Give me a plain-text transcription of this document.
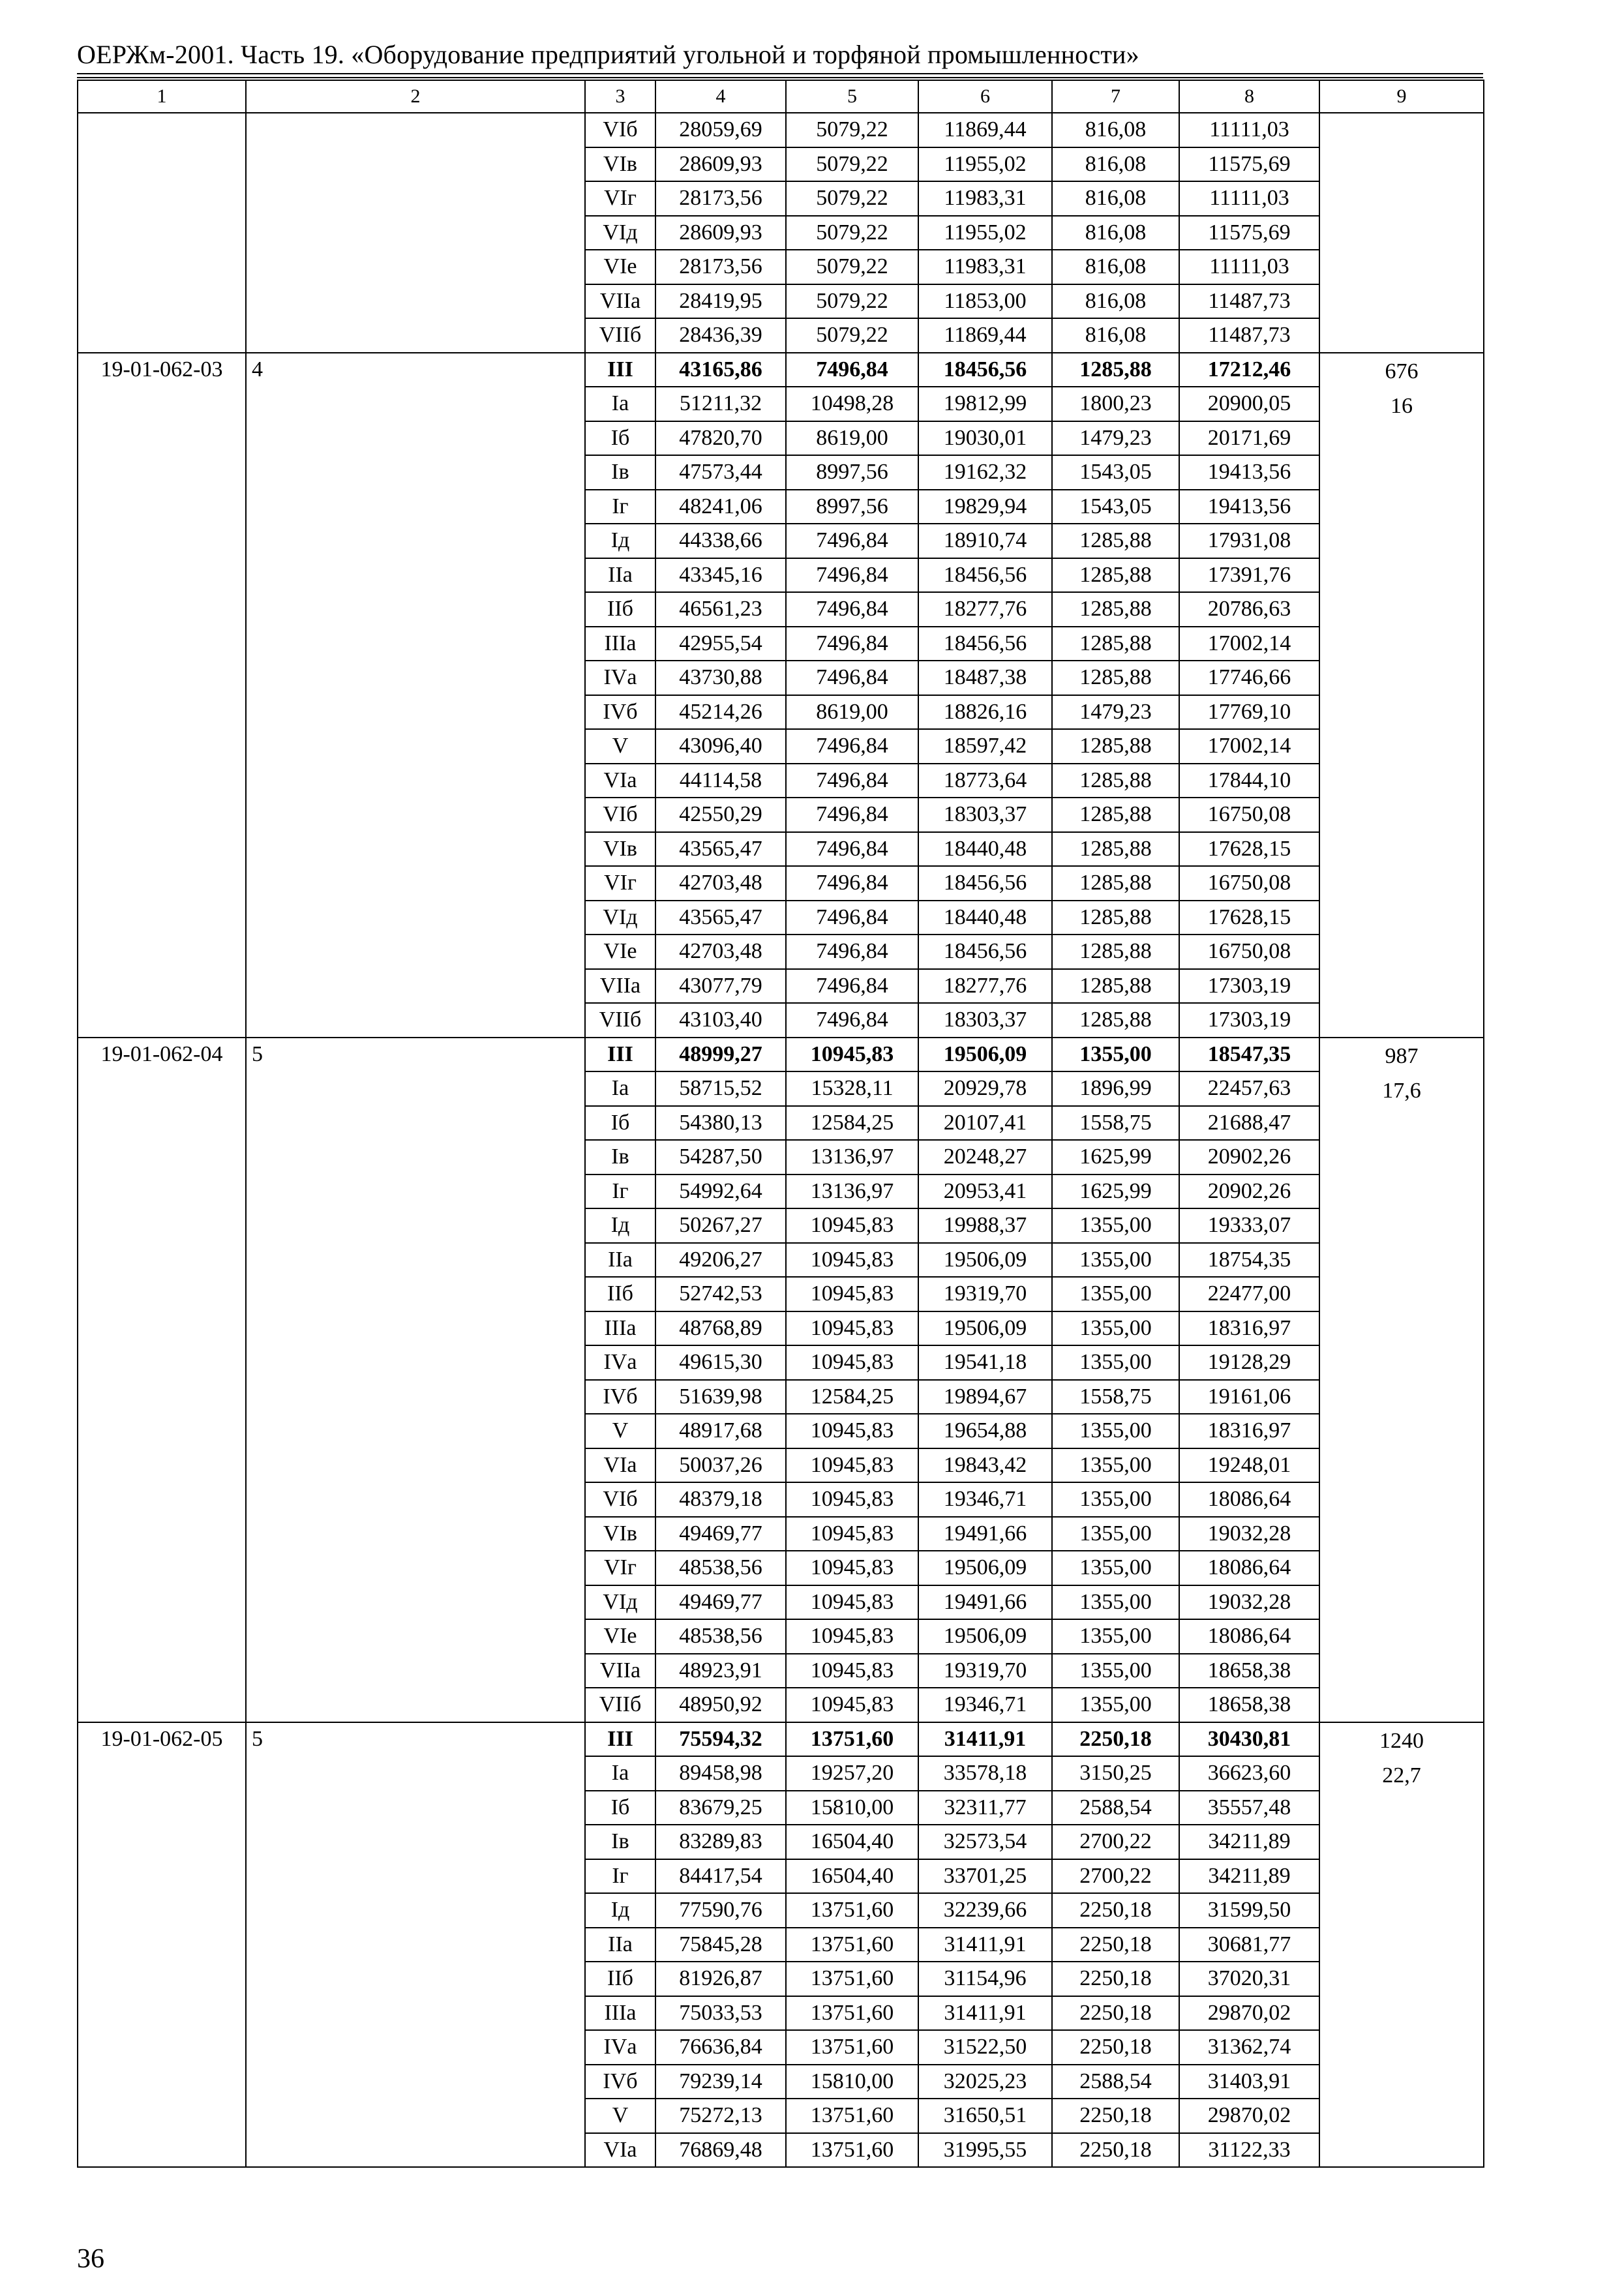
ОЕРЖм-2001. Часть 19. «Оборудование предприятий угольной и торфяной промышленности»
1	2	3	4	5	6	7	8	9
		VIб	28059,69	5079,22	11869,44	816,08	11111,03	
		VIв	28609,93	5079,22	11955,02	816,08	11575,69	
		VIг	28173,56	5079,22	11983,31	816,08	11111,03	
		VIд	28609,93	5079,22	11955,02	816,08	11575,69	
		VIе	28173,56	5079,22	11983,31	816,08	11111,03	
		VIIа	28419,95	5079,22	11853,00	816,08	11487,73	
		VIIб	28436,39	5079,22	11869,44	816,08	11487,73	
19-01-062-03	4	III	43165,86	7496,84	18456,56	1285,88	17212,46	676
16

		Iа	51211,32	10498,28	19812,99	1800,23	20900,05	
		Iб	47820,70	8619,00	19030,01	1479,23	20171,69	
		Iв	47573,44	8997,56	19162,32	1543,05	19413,56	
		Iг	48241,06	8997,56	19829,94	1543,05	19413,56	
		Iд	44338,66	7496,84	18910,74	1285,88	17931,08	
		IIа	43345,16	7496,84	18456,56	1285,88	17391,76	
		IIб	46561,23	7496,84	18277,76	1285,88	20786,63	
		IIIа	42955,54	7496,84	18456,56	1285,88	17002,14	
		IVа	43730,88	7496,84	18487,38	1285,88	17746,66	
		IVб	45214,26	8619,00	18826,16	1479,23	17769,10	
		V	43096,40	7496,84	18597,42	1285,88	17002,14	
		VIа	44114,58	7496,84	18773,64	1285,88	17844,10	
		VIб	42550,29	7496,84	18303,37	1285,88	16750,08	
		VIв	43565,47	7496,84	18440,48	1285,88	17628,15	
		VIг	42703,48	7496,84	18456,56	1285,88	16750,08	
		VIд	43565,47	7496,84	18440,48	1285,88	17628,15	
		VIе	42703,48	7496,84	18456,56	1285,88	16750,08	
		VIIа	43077,79	7496,84	18277,76	1285,88	17303,19	
		VIIб	43103,40	7496,84	18303,37	1285,88	17303,19	
19-01-062-04	5	III	48999,27	10945,83	19506,09	1355,00	18547,35	987
17,6

		Iа	58715,52	15328,11	20929,78	1896,99	22457,63	
		Iб	54380,13	12584,25	20107,41	1558,75	21688,47	
		Iв	54287,50	13136,97	20248,27	1625,99	20902,26	
		Iг	54992,64	13136,97	20953,41	1625,99	20902,26	
		Iд	50267,27	10945,83	19988,37	1355,00	19333,07	
		IIа	49206,27	10945,83	19506,09	1355,00	18754,35	
		IIб	52742,53	10945,83	19319,70	1355,00	22477,00	
		IIIа	48768,89	10945,83	19506,09	1355,00	18316,97	
		IVа	49615,30	10945,83	19541,18	1355,00	19128,29	
		IVб	51639,98	12584,25	19894,67	1558,75	19161,06	
		V	48917,68	10945,83	19654,88	1355,00	18316,97	
		VIа	50037,26	10945,83	19843,42	1355,00	19248,01	
		VIб	48379,18	10945,83	19346,71	1355,00	18086,64	
		VIв	49469,77	10945,83	19491,66	1355,00	19032,28	
		VIг	48538,56	10945,83	19506,09	1355,00	18086,64	
		VIд	49469,77	10945,83	19491,66	1355,00	19032,28	
		VIе	48538,56	10945,83	19506,09	1355,00	18086,64	
		VIIа	48923,91	10945,83	19319,70	1355,00	18658,38	
		VIIб	48950,92	10945,83	19346,71	1355,00	18658,38	
19-01-062-05	5	III	75594,32	13751,60	31411,91	2250,18	30430,81	1240
22,7

		Iа	89458,98	19257,20	33578,18	3150,25	36623,60	
		Iб	83679,25	15810,00	32311,77	2588,54	35557,48	
		Iв	83289,83	16504,40	32573,54	2700,22	34211,89	
		Iг	84417,54	16504,40	33701,25	2700,22	34211,89	
		Iд	77590,76	13751,60	32239,66	2250,18	31599,50	
		IIа	75845,28	13751,60	31411,91	2250,18	30681,77	
		IIб	81926,87	13751,60	31154,96	2250,18	37020,31	
		IIIа	75033,53	13751,60	31411,91	2250,18	29870,02	
		IVа	76636,84	13751,60	31522,50	2250,18	31362,74	
		IVб	79239,14	15810,00	32025,23	2588,54	31403,91	
		V	75272,13	13751,60	31650,51	2250,18	29870,02	
		VIа	76869,48	13751,60	31995,55	2250,18	31122,33	
36
